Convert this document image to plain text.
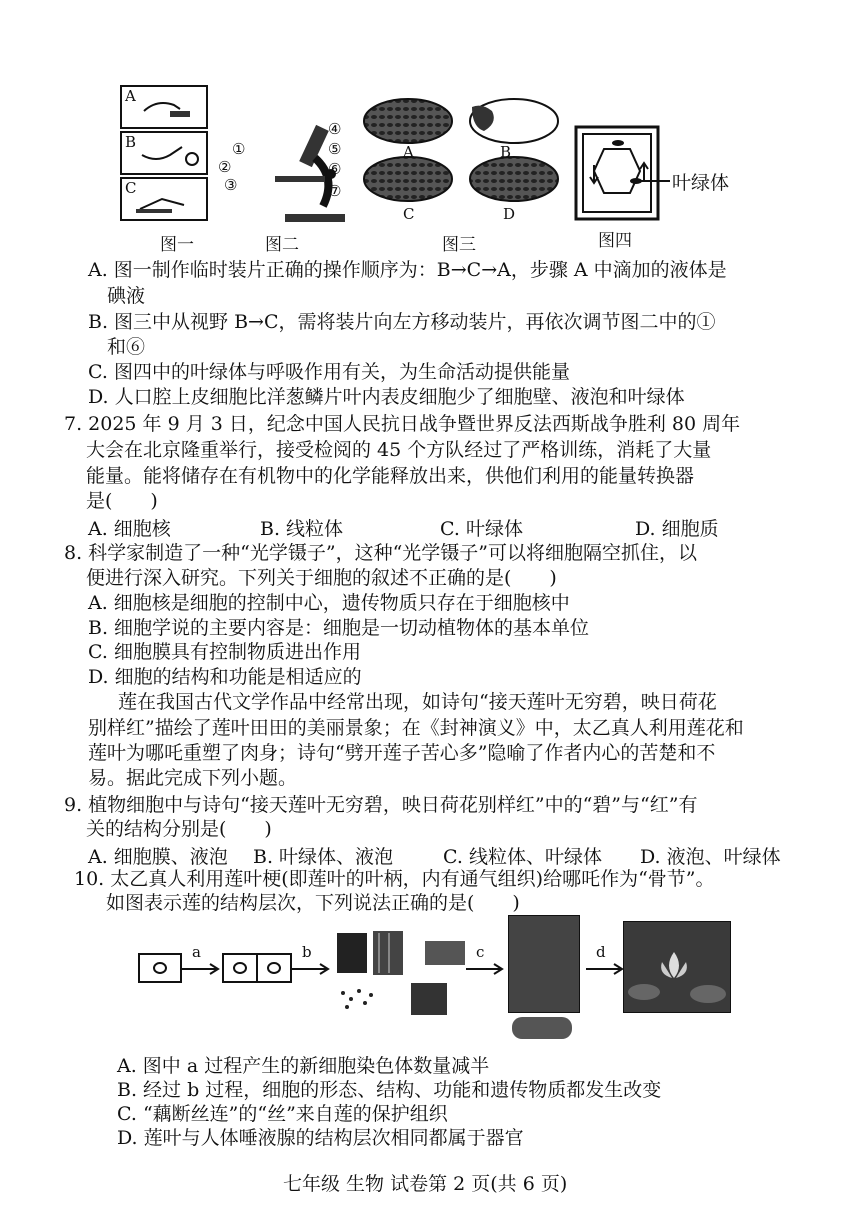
A
B
C
图一
①
②
③
④
⑤
⑥
⑦
图二
A	B
C	D
图三
叶绿体
图四
A. 图一制作临时装片正确的操作顺序为：B→C→A，步骤 A 中滴加的液体是
碘液
B. 图三中从视野 B→C，需将装片向左方移动装片，再依次调节图二中的①
和⑥
C. 图四中的叶绿体与呼吸作用有关，为生命活动提供能量
D. 人口腔上皮细胞比洋葱鳞片叶内表皮细胞少了细胞壁、液泡和叶绿体
7. 2025 年 9 月 3 日，纪念中国人民抗日战争暨世界反法西斯战争胜利 80 周年
大会在北京隆重举行，接受检阅的 45 个方队经过了严格训练，消耗了大量
能量。能将储存在有机物中的化学能释放出来，供他们利用的能量转换器
是(　　)
A. 细胞核	B. 线粒体	C. 叶绿体	D. 细胞质
8. 科学家制造了一种“光学镊子”，这种“光学镊子”可以将细胞隔空抓住，以
便进行深入研究。下列关于细胞的叙述不正确的是(　　)
A. 细胞核是细胞的控制中心，遗传物质只存在于细胞核中
B. 细胞学说的主要内容是：细胞是一切动植物体的基本单位
C. 细胞膜具有控制物质进出作用
D. 细胞的结构和功能是相适应的
莲在我国古代文学作品中经常出现，如诗句“接天莲叶无穷碧，映日荷花
别样红”描绘了莲叶田田的美丽景象；在《封神演义》中，太乙真人利用莲花和
莲叶为哪吒重塑了肉身；诗句“劈开莲子苦心多”隐喻了作者内心的苦楚和不
易。据此完成下列小题。
9. 植物细胞中与诗句“接天莲叶无穷碧，映日荷花别样红”中的“碧”与“红”有
关的结构分别是(　　)
A. 细胞膜、液泡 B. 叶绿体、液泡	C. 线粒体、叶绿体 D. 液泡、叶绿体
10. 太乙真人利用莲叶梗(即莲叶的叶柄，内有通气组织)给哪吒作为“骨节”。
如图表示莲的结构层次，下列说法正确的是(　　)
a	b	c	d
A. 图中 a 过程产生的新细胞染色体数量减半
B. 经过 b 过程，细胞的形态、结构、功能和遗传物质都发生改变
C. “藕断丝连”的“丝”来自莲的保护组织
D. 莲叶与人体唾液腺的结构层次相同都属于器官
七年级 生物 试卷第 2 页(共 6 页)
